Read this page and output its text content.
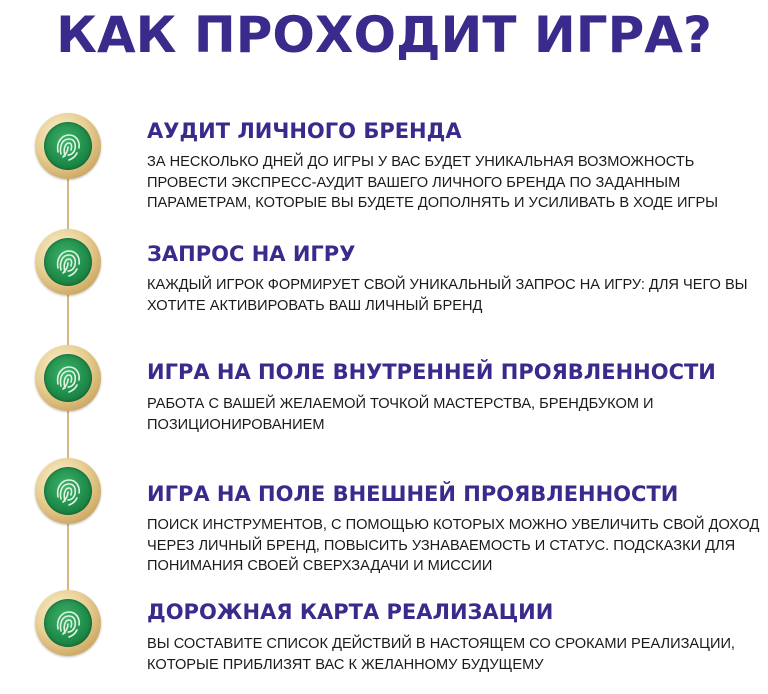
КАК ПРОХОДИТ ИГРА?
АУДИТ ЛИЧНОГО БРЕНДА
ЗА НЕСКОЛЬКО ДНЕЙ ДО ИГРЫ У ВАС БУДЕТ УНИКАЛЬНАЯ ВОЗМОЖНОСТЬ ПРОВЕСТИ ЭКСПРЕСС-АУДИТ ВАШЕГО ЛИЧНОГО БРЕНДА ПО ЗАДАННЫМ ПАРАМЕТРАМ, КОТОРЫЕ ВЫ БУДЕТЕ ДОПОЛНЯТЬ И УСИЛИВАТЬ В ХОДЕ ИГРЫ
ЗАПРОС НА ИГРУ
КАЖДЫЙ ИГРОК ФОРМИРУЕТ СВОЙ УНИКАЛЬНЫЙ ЗАПРОС НА ИГРУ: ДЛЯ ЧЕГО ВЫ ХОТИТЕ АКТИВИРОВАТЬ ВАШ ЛИЧНЫЙ БРЕНД
ИГРА НА ПОЛЕ ВНУТРЕННЕЙ ПРОЯВЛЕННОСТИ
РАБОТА С ВАШЕЙ ЖЕЛАЕМОЙ ТОЧКОЙ МАСТЕРСТВА, БРЕНДБУКОМ И ПОЗИЦИОНИРОВАНИЕМ
ИГРА НА ПОЛЕ ВНЕШНЕЙ ПРОЯВЛЕННОСТИ
ПОИСК ИНСТРУМЕНТОВ, С ПОМОЩЬЮ КОТОРЫХ МОЖНО УВЕЛИЧИТЬ СВОЙ ДОХОД ЧЕРЕЗ ЛИЧНЫЙ БРЕНД, ПОВЫСИТЬ УЗНАВАЕМОСТЬ И СТАТУС. ПОДСКАЗКИ ДЛЯ ПОНИМАНИЯ СВОЕЙ СВЕРХЗАДАЧИ И МИССИИ
ДОРОЖНАЯ КАРТА РЕАЛИЗАЦИИ
ВЫ СОСТАВИТЕ СПИСОК ДЕЙСТВИЙ В НАСТОЯЩЕМ СО СРОКАМИ РЕАЛИЗАЦИИ, КОТОРЫЕ ПРИБЛИЗЯТ ВАС К ЖЕЛАННОМУ БУДУЩЕМУ
